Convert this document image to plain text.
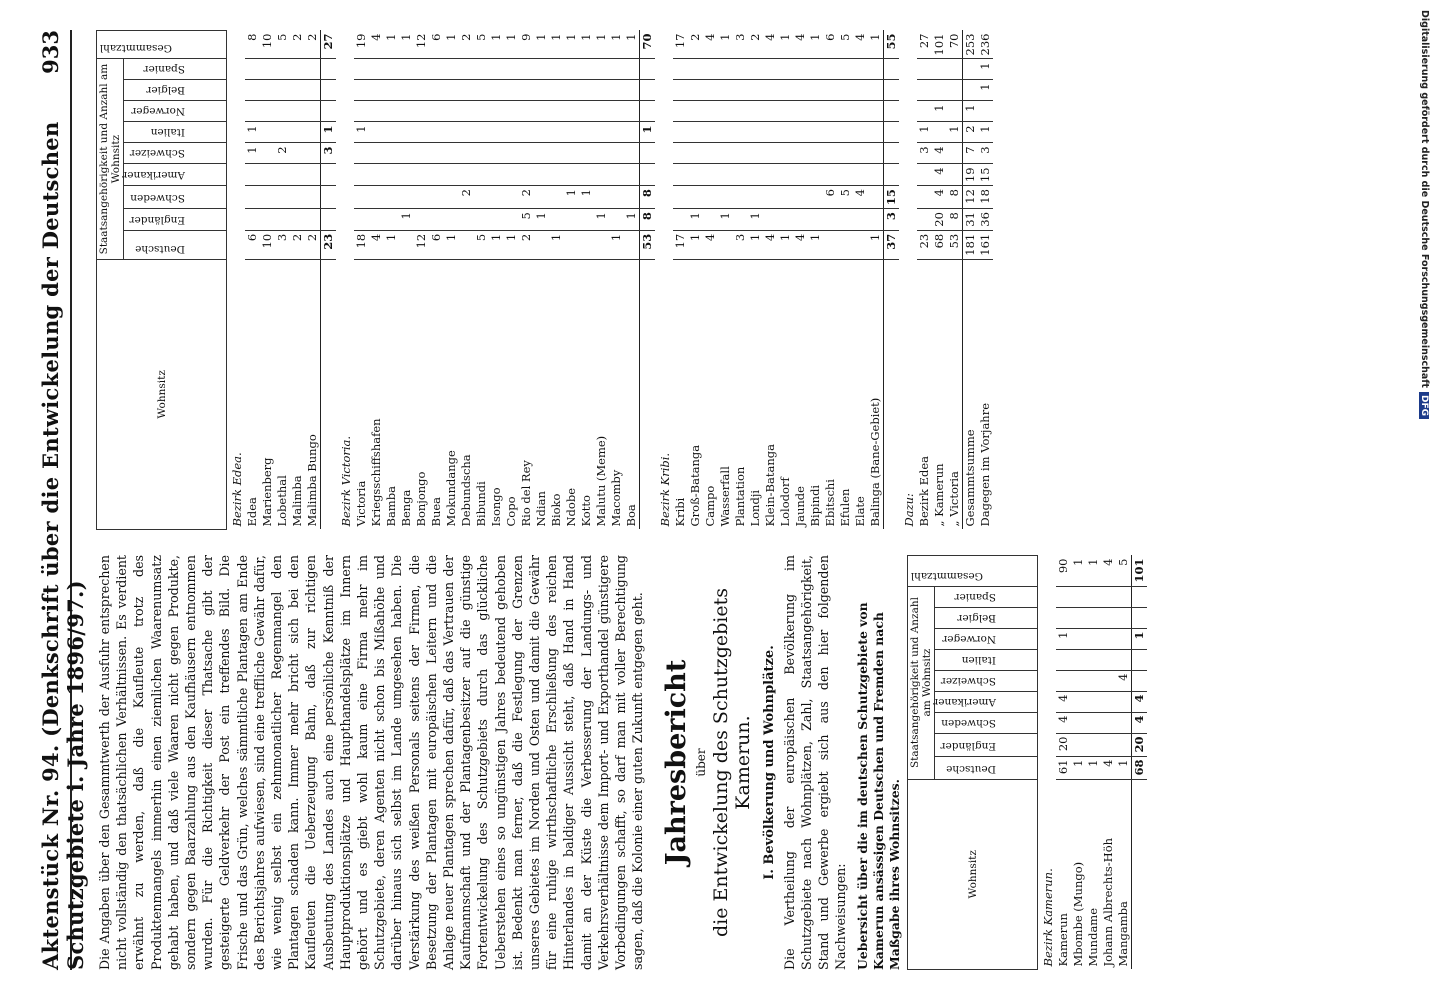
Aktenstück Nr. 94. (Denkschrift über die Entwickelung der Deutschen Schutzgebiete i. Jahre 1896/97.)
933

Die Angaben über den Gesammtwerth der Ausfuhr entsprechen nicht vollständig den thatsächlichen Verhältnissen. Es verdient erwähnt zu werden, daß die Kaufleute trotz des Produktenmangels immerhin einen ziemlichen Waarenumsatz gehabt haben, und daß viele Waaren nicht gegen Produkte, sondern gegen Baarzahlung aus den Kaufhäusern entnommen wurden. Für die Richtigkeit dieser Thatsache gibt der gesteigerte Geldverkehr der Post ein treffendes Bild. Die Frische und das Grün, welches sämmtliche Plantagen am Ende des Berichtsjahres aufwiesen, sind eine treffliche Gewähr dafür, wie wenig selbst ein zehnmonatlicher Regenmangel den Plantagen schaden kann. Immer mehr bricht sich bei den Kaufleuten die Ueberzeugung Bahn, daß zur richtigen Ausbeutung des Landes auch eine persönliche Kenntniß der Hauptproduktionsplätze und Haupthandelsplätze im Innern gehört und es giebt wohl kaum eine Firma mehr im Schutzgebiete, deren Agenten nicht schon bis Mißahöhe und darüber hinaus sich selbst im Lande umgesehen haben. Die Verstärkung des weißen Personals seitens der Firmen, die Besetzung der Plantagen mit europäischen Leitern und die Anlage neuer Plantagen sprechen dafür, daß das Vertrauen der Kaufmannschaft und der Plantagenbesitzer auf die günstige Fortentwickelung des Schutzgebiets durch das glückliche Ueberstehen eines so ungünstigen Jahres bedeutend gehoben ist. Bedenkt man ferner, daß die Festlegung der Grenzen unseres Gebietes im Norden und Osten und damit die Gewähr für eine ruhige wirthschaftliche Erschließung des reichen Hinterlandes in baldiger Aussicht steht, daß Hand in Hand damit an der Küste die Verbesserung der Landungs- und Verkehrsverhältnisse dem Import- und Exporthandel günstigere Vorbedingungen schafft, so darf man mit voller Berechtigung sagen, daß die Kolonie einer guten Zukunft entgegen geht. Jahresbericht über die Entwickelung des Schutzgebiets Kamerun. I. Bevölkerung und Wohnplätze. Die Vertheilung der europäischen Bevölkerung im Schutzgebiete nach Wohnplätzen, Zahl, Staatsangehörigkeit, Stand und Gewerbe ergiebt sich aus den hier folgenden Nachweisungen: Uebersicht über die im deutschen Schutzgebiete von Kamerun ansässigen Deutschen und Fremden nach Maßgabe ihres Wohnsitzes.	Wohnsitz	Staatsangehörigkeit und Anzahl am Wohnsitz									Gesammtzahl

	Deutsche	Engländer	Schweden	Amerikaner	Schweizer	Italien	Norweger	Belgier	Spanier	

Bezirk Kamerun.										
Kamerun	61	20	4	4			1			90
Mbombe (Mungo)	1									1
Mundame	1									1
Johann Albrechts-Höh	4									4
Mangamba	1				4					5
	68	20	4	4			1			101
Wohnsitz	Staatsangehörigkeit und Anzahl am Wohnsitz									Gesammtzahl

	Deutsche	Engländer	Schweden	Amerikaner	Schweizer	Italien	Norweger	Belgier	Spanier	

Bezirk Edea.										
Edea	6				1	1				8
Marienberg	10									10
Lobethal	3				2					5
Malimba	2									2
Malimba Bungo	2									2
	23				3	1				27
Bezirk Victoria.										
Victoria	18					1				19
Kriegsschiffshafen	4									4
Bamba	1									1
Benga		1								1
Bonjongo	12									12
Buea	6									6
Mokundange	1									1
Debundscha			2							2
Bibundi	5									5
Isongo	1									1
Copo	1									1
Rio del Rey	2	5	2							9
Ndian		1								1
Bioko	1									1
Ndobe			1							1
Kotto			1							1
Malutu (Meme)		1								1
Macomby	1									1
Boa		1								1
	53	8	8			1				70
Bezirk Kribi.										
Kribi	17									17
Groß-Batanga	1	1								2
Campo	4									4
Wasserfall		1								1
Plantation	3									3
Londji	1	1								2
Klein-Batanga	4									4
Lolodorf	1									1
Jaunde	4									4
Bipindi	1									1
Ebitschi			6							6
Efulen			5							5
Elate			4							4
Balinga (Bane-Gebiet)	1									1
	37	3	15							55
Dazu:										
Bezirk Edea	23				3	1				27
„ Kamerun	68	20	4	4	4		1			101
„ Victoria	53	8	8			1				70
Gesammtsumme	181	31	12	19	7	2	1			253
Dagegen im Vorjahre	161	36	18	15	3	1		1	1	236	Digitalisierung gefördert durch die Deutsche ForschungsgemeinschaftDFG
